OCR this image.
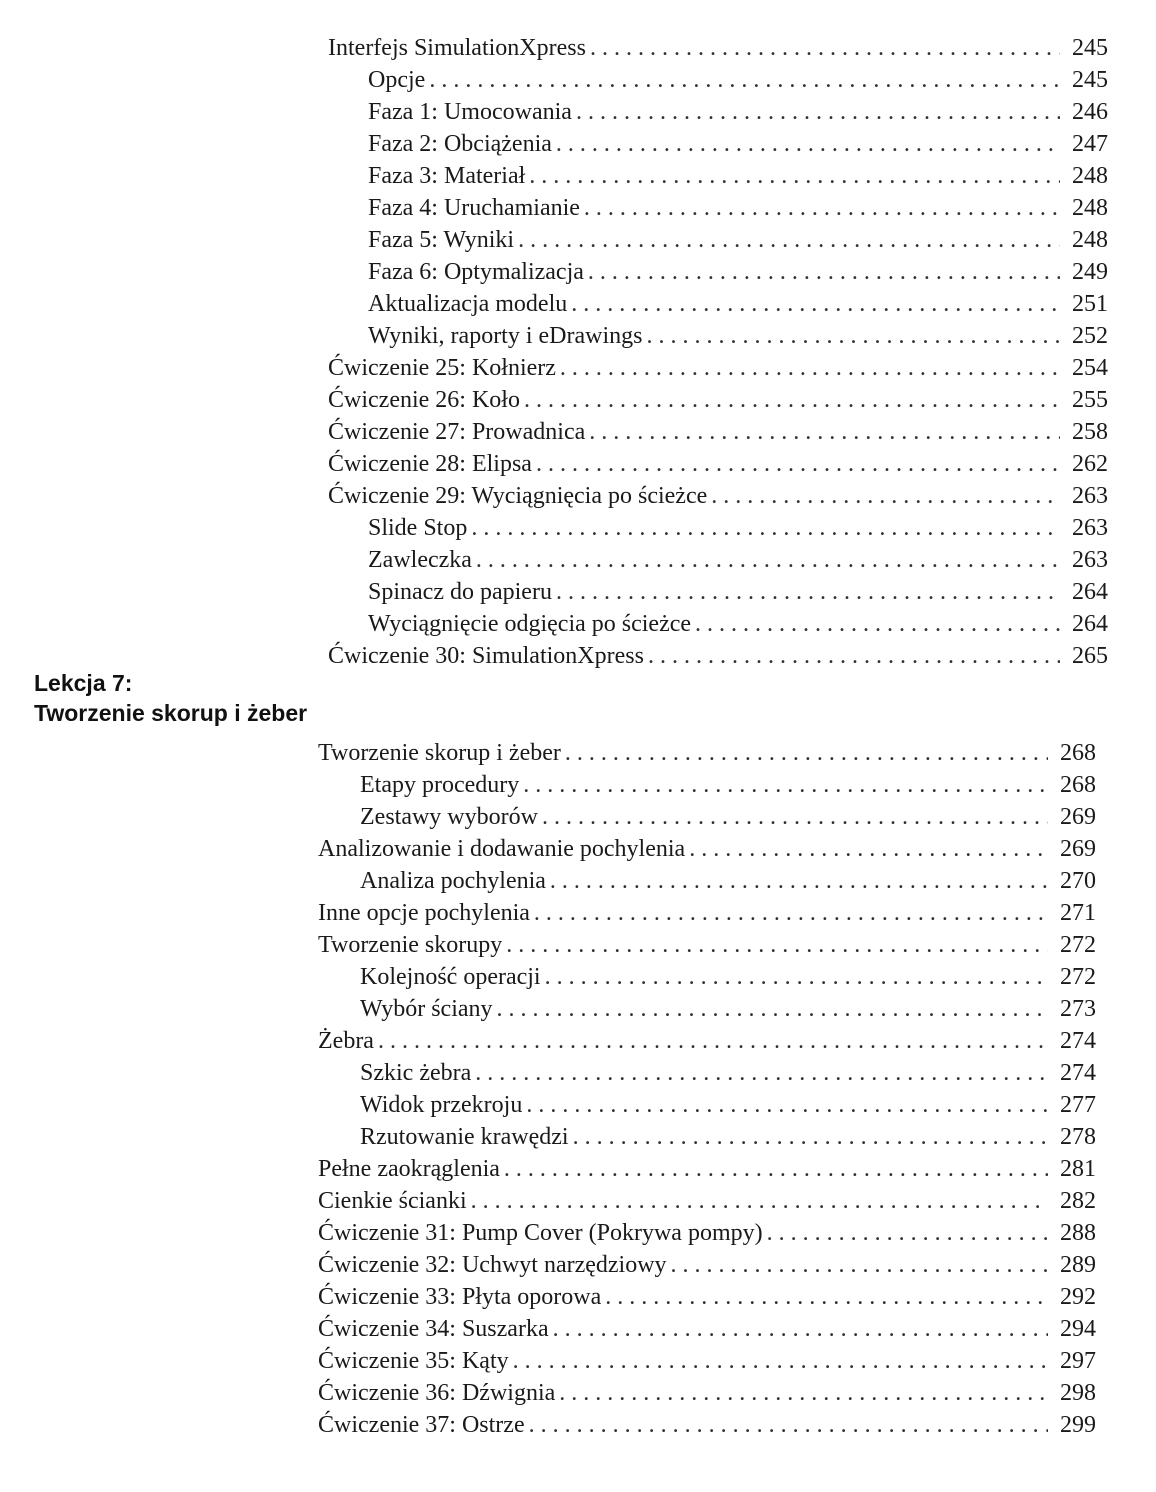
Interfejs SimulationXpress . . .	245
Opcje . . .	245
Faza 1: Umocowania . . .	246
Faza 2: Obciążenia . . .	247
Faza 3: Materiał . . .	248
Faza 4: Uruchamianie . . .	248
Faza 5: Wyniki . . .	248
Faza 6: Optymalizacja . . .	249
Aktualizacja modelu . . .	251
Wyniki, raporty i eDrawings . . .	252
Ćwiczenie 25: Kołnierz . . .	254
Ćwiczenie 26: Koło . . .	255
Ćwiczenie 27: Prowadnica . . .	258
Ćwiczenie 28: Elipsa . . .	262
Ćwiczenie 29: Wyciągnięcia po ścieżce . . .	263
Slide Stop . . .	263
Zawleczka . . .	263
Spinacz do papieru . . .	264
Wyciągnięcie odgięcia po ścieżce . . .	264
Ćwiczenie 30: SimulationXpress . . .	265
Lekcja 7:
Tworzenie skorup i żeber
Tworzenie skorup i żeber . . .	268
Etapy procedury . . .	268
Zestawy wyborów . . .	269
Analizowanie i dodawanie pochylenia . . .	269
Analiza pochylenia . . .	270
Inne opcje pochylenia . . .	271
Tworzenie skorupy . . .	272
Kolejność operacji . . .	272
Wybór ściany . . .	273
Żebra . . .	274
Szkic żebra . . .	274
Widok przekroju . . .	277
Rzutowanie krawędzi . . .	278
Pełne zaokrąglenia . . .	281
Cienkie ścianki . . .	282
Ćwiczenie 31: Pump Cover (Pokrywa pompy) . . .	288
Ćwiczenie 32: Uchwyt narzędziowy . . .	289
Ćwiczenie 33: Płyta oporowa . . .	292
Ćwiczenie 34: Suszarka . . .	294
Ćwiczenie 35: Kąty . . .	297
Ćwiczenie 36: Dźwignia . . .	298
Ćwiczenie 37: Ostrze . . .	299
